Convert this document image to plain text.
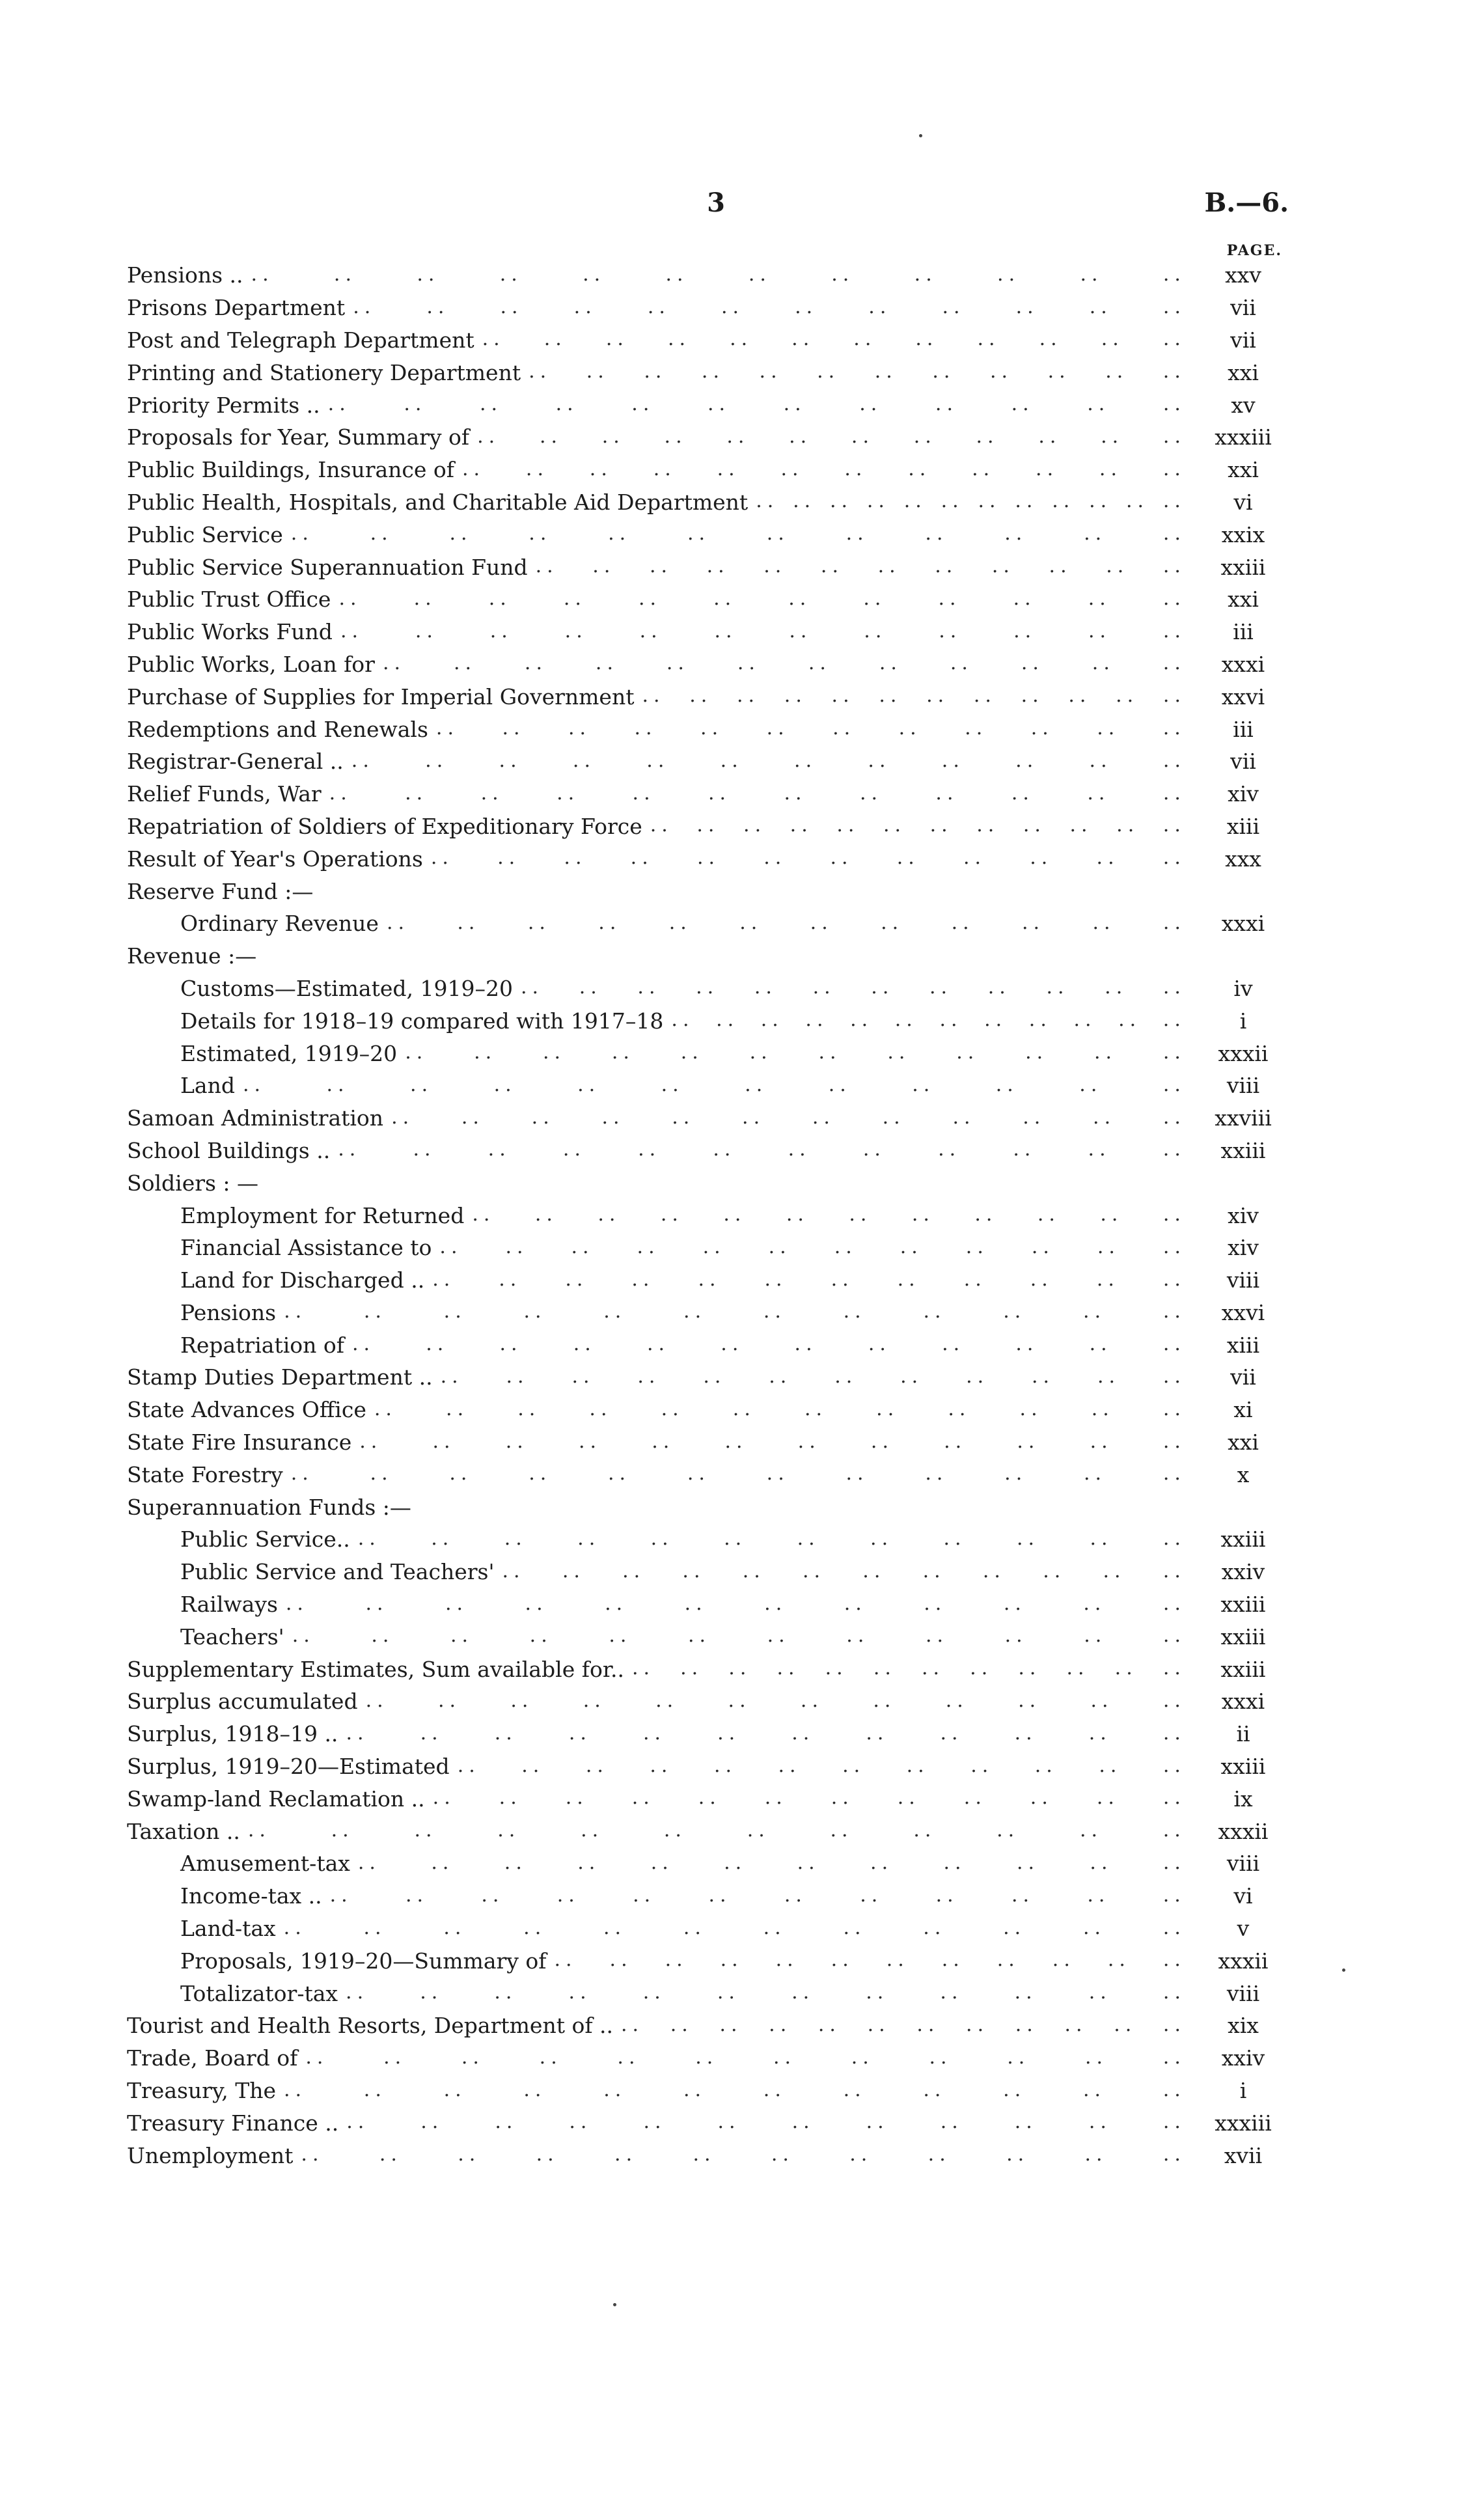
3	B.—6.
PAGE.
Pensions .. ..	..	..	..	..	..	..	..	..	..	..	..	xxv
Prisons Department ..	..	..	..	..	..	..	..	..	..	..	..	vii
Post and Telegraph Department .. .. .. .. .. .. .. .. .. .. .. ..	vii
Printing and Stationery Department .. .. .. .. .. .. .. .. .. .. .. ..	xxi
Priority Permits .. ..	..	..	..	..	..	..	..	..	..	..	..	xv
Proposals for Year, Summary of .. .. .. .. .. .. .. .. .. .. .. ..	xxxiii
Public Buildings, Insurance of .. .. .. .. .. .. .. .. .. .. .. ..	xxi
Public Health, Hospitals, and Charitable Aid Department .. .. .. .. .. .. .. .. .. .. .. ..	vi
Public Service ..	..	..	..	..	..	..	..	..	..	..	..	xxix
Public Service Superannuation Fund .. .. .. .. .. .. .. .. .. .. .. ..	xxiii
Public Trust Office ..	..	..	..	..	..	..	..	..	..	..	..	xxi
Public Works Fund ..	..	..	..	..	..	..	..	..	..	..	..	iii
Public Works, Loan for .. .. .. .. .. .. .. .. .. .. .. ..	xxxi
Purchase of Supplies for Imperial Government .. .. .. .. .. .. .. .. .. .. .. ..	xxvi
Redemptions and Renewals .. .. .. .. .. .. .. .. .. .. .. ..	iii
Registrar-General .. ..	..	..	..	..	..	..	..	..	..	..	..	vii
Relief Funds, War ..	..	..	..	..	..	..	..	..	..	..	..	xiv
Repatriation of Soldiers of Expeditionary Force .. .. .. .. .. .. .. .. .. .. .. ..	xiii
Result of Year's Operations .. .. .. .. .. .. .. .. .. .. .. ..	xxx
Reserve Fund :—
Ordinary Revenue .. .. .. .. .. .. .. .. .. .. .. ..	xxxi
Revenue :—
Customs—Estimated, 1919–20 .. .. .. .. .. .. .. .. .. .. .. ..	iv
Details for 1918–19 compared with 1917–18 .. .. .. .. .. .. .. .. .. .. .. ..	i
Estimated, 1919–20 .. .. .. .. .. .. .. .. .. .. .. ..	xxxii
Land ..	..	..	..	..	..	..	..	..	..	..	..	viii
Samoan Administration .. .. .. .. .. .. .. .. .. .. .. ..	xxviii
School Buildings .. ..	..	..	..	..	..	..	..	..	..	..	..	xxiii
Soldiers : —
Employment for Returned .. .. .. .. .. .. .. .. .. .. .. ..	xiv
Financial Assistance to .. .. .. .. .. .. .. .. .. .. .. ..	xiv
Land for Discharged .. .. .. .. .. .. .. .. .. .. .. .. ..	viii
Pensions ..	..	..	..	..	..	..	..	..	..	..	..	xxvi
Repatriation of ..	..	..	..	..	..	..	..	..	..	..	..	xiii
Stamp Duties Department .. .. .. .. .. .. .. .. .. .. .. .. ..	vii
State Advances Office ..	..	..	..	..	..	..	..	..	..	..	..	xi
State Fire Insurance ..	..	..	..	..	..	..	..	..	..	..	..	xxi
State Forestry ..	..	..	..	..	..	..	..	..	..	..	..	x
Superannuation Funds :—
Public Service.. ..	..	..	..	..	..	..	..	..	..	..	..	xxiii
Public Service and Teachers' .. .. .. .. .. .. .. .. .. .. .. ..	xxiv
Railways ..	..	..	..	..	..	..	..	..	..	..	..	xxiii
Teachers' ..	..	..	..	..	..	..	..	..	..	..	..	xxiii
Supplementary Estimates, Sum available for.. .. .. .. .. .. .. .. .. .. .. .. ..	xxiii
Surplus accumulated ..	..	..	..	..	..	..	..	..	..	..	..	xxxi
Surplus, 1918–19 .. ..	..	..	..	..	..	..	..	..	..	..	..	ii
Surplus, 1919–20—Estimated .. .. .. .. .. .. .. .. .. .. .. ..	xxiii
Swamp-land Reclamation .. .. .. .. .. .. .. .. .. .. .. .. ..	ix
Taxation .. ..	..	..	..	..	..	..	..	..	..	..	..	xxxii
Amusement-tax ..	..	..	..	..	..	..	..	..	..	..	..	viii
Income-tax .. ..	..	..	..	..	..	..	..	..	..	..	..	vi
Land-tax ..	..	..	..	..	..	..	..	..	..	..	..	v
Proposals, 1919–20—Summary of .. .. .. .. .. .. .. .. .. .. .. ..	xxxii
Totalizator-tax ..	..	..	..	..	..	..	..	..	..	..	..	viii
Tourist and Health Resorts, Department of .. .. .. .. .. .. .. .. .. .. .. .. ..	xix
Trade, Board of ..	..	..	..	..	..	..	..	..	..	..	..	xxiv
Treasury, The ..	..	..	..	..	..	..	..	..	..	..	..	i
Treasury Finance .. ..	..	..	..	..	..	..	..	..	..	..	..	xxxiii
Unemployment ..	..	..	..	..	..	..	..	..	..	..	..	xvii
